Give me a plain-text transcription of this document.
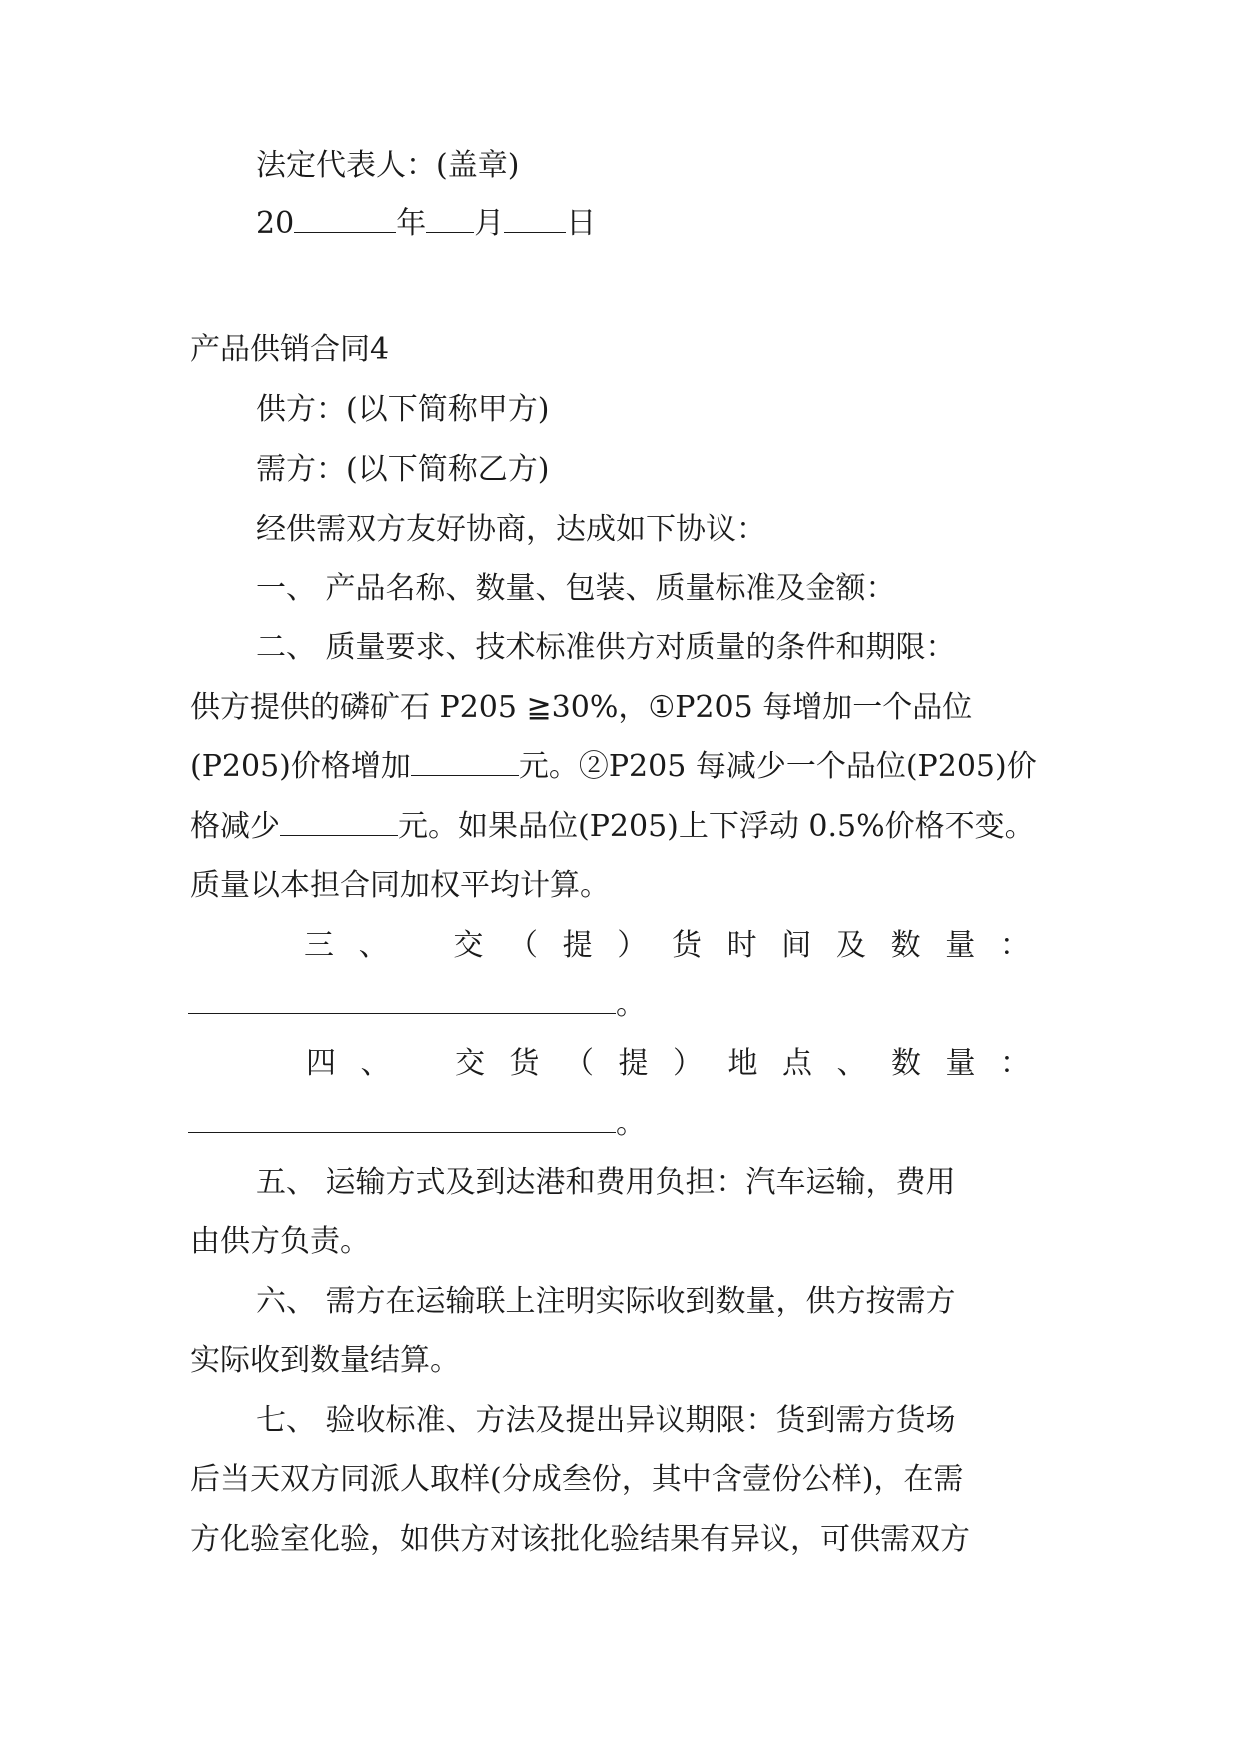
法定代表人：(盖章)
20	年 月 日
产品供销合同4
供方：(以下简称甲方)
需方：(以下简称乙方)
经供需双方友好协商，达成如下协议：
一、 产品名称、数量、包装、质量标准及金额：
二、 质量要求、技术标准供方对质量的条件和期限：
供方提供的磷矿石 P205 ≧30%，①P205 每增加一个品位
(P205)价格增加	元。②P205 每减少一个品位(P205)价
格减少	元。如果品位(P205)上下浮动 0.5%价格不变。
质量以本担合同加权平均计算。
三 、 交 （ 提 ） 货 时 间 及 数 量 ：
。
四 、 交 货 （ 提 ） 地 点 、 数 量 ：
。
五、 运输方式及到达港和费用负担：汽车运输，费用
由供方负责。
六、 需方在运输联上注明实际收到数量，供方按需方
实际收到数量结算。
七、 验收标准、方法及提出异议期限：货到需方货场
后当天双方同派人取样(分成叁份，其中含壹份公样)，在需
方化验室化验，如供方对该批化验结果有异议，可供需双方
